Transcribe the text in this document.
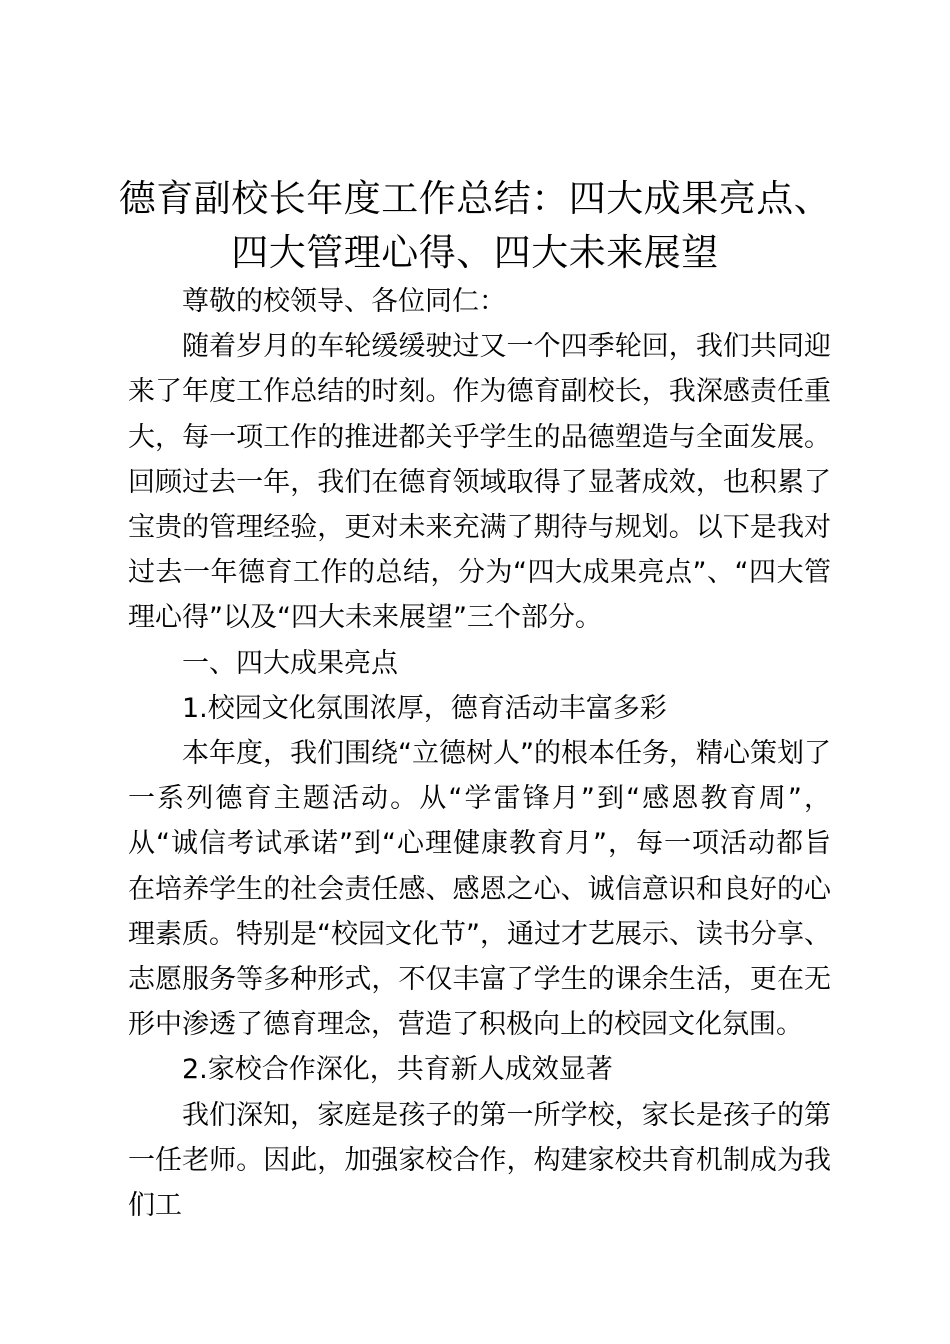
德育副校长年度工作总结：四大成果亮点、四大管理心得、四大未来展望

尊敬的校领导、各位同仁：

随着岁月的车轮缓缓驶过又一个四季轮回，我们共同迎来了年度工作总结的时刻。作为德育副校长，我深感责任重大，每一项工作的推进都关乎学生的品德塑造与全面发展。回顾过去一年，我们在德育领域取得了显著成效，也积累了宝贵的管理经验，更对未来充满了期待与规划。以下是我对过去一年德育工作的总结，分为“四大成果亮点”、“四大管理心得”以及“四大未来展望”三个部分。

一、四大成果亮点

1.校园文化氛围浓厚，德育活动丰富多彩

本年度，我们围绕“立德树人”的根本任务，精心策划了一系列德育主题活动。从“学雷锋月”到“感恩教育周”，从“诚信考试承诺”到“心理健康教育月”，每一项活动都旨在培养学生的社会责任感、感恩之心、诚信意识和良好的心理素质。特别是“校园文化节”，通过才艺展示、读书分享、志愿服务等多种形式，不仅丰富了学生的课余生活，更在无形中渗透了德育理念，营造了积极向上的校园文化氛围。

2.家校合作深化，共育新人成效显著

我们深知，家庭是孩子的第一所学校，家长是孩子的第一任老师。因此，加强家校合作，构建家校共育机制成为我们工
